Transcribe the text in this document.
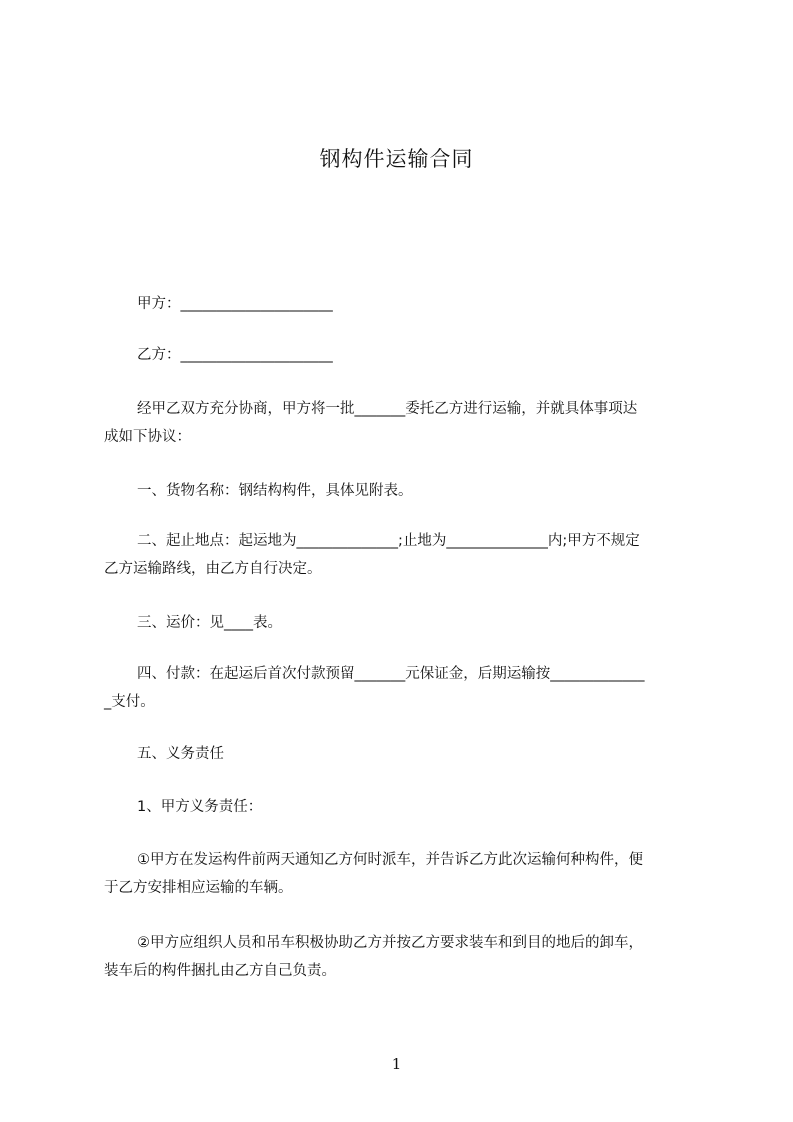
钢构件运输合同
甲方：_____________________
乙方：_____________________
经甲乙双方充分协商，甲方将一批_______委托乙方进行运输，并就具体事项达
成如下协议：
一、货物名称：钢结构构件，具体见附表。
二、起止地点：起运地为______________;止地为______________内;甲方不规定
乙方运输路线，由乙方自行决定。
三、运价：见____表。
四、付款：在起运后首次付款预留_______元保证金，后期运输按_____________
_支付。
五、义务责任
1、甲方义务责任：
①甲方在发运构件前两天通知乙方何时派车，并告诉乙方此次运输何种构件，便
于乙方安排相应运输的车辆。
②甲方应组织人员和吊车积极协助乙方并按乙方要求装车和到目的地后的卸车，
装车后的构件捆扎由乙方自己负责。
1
